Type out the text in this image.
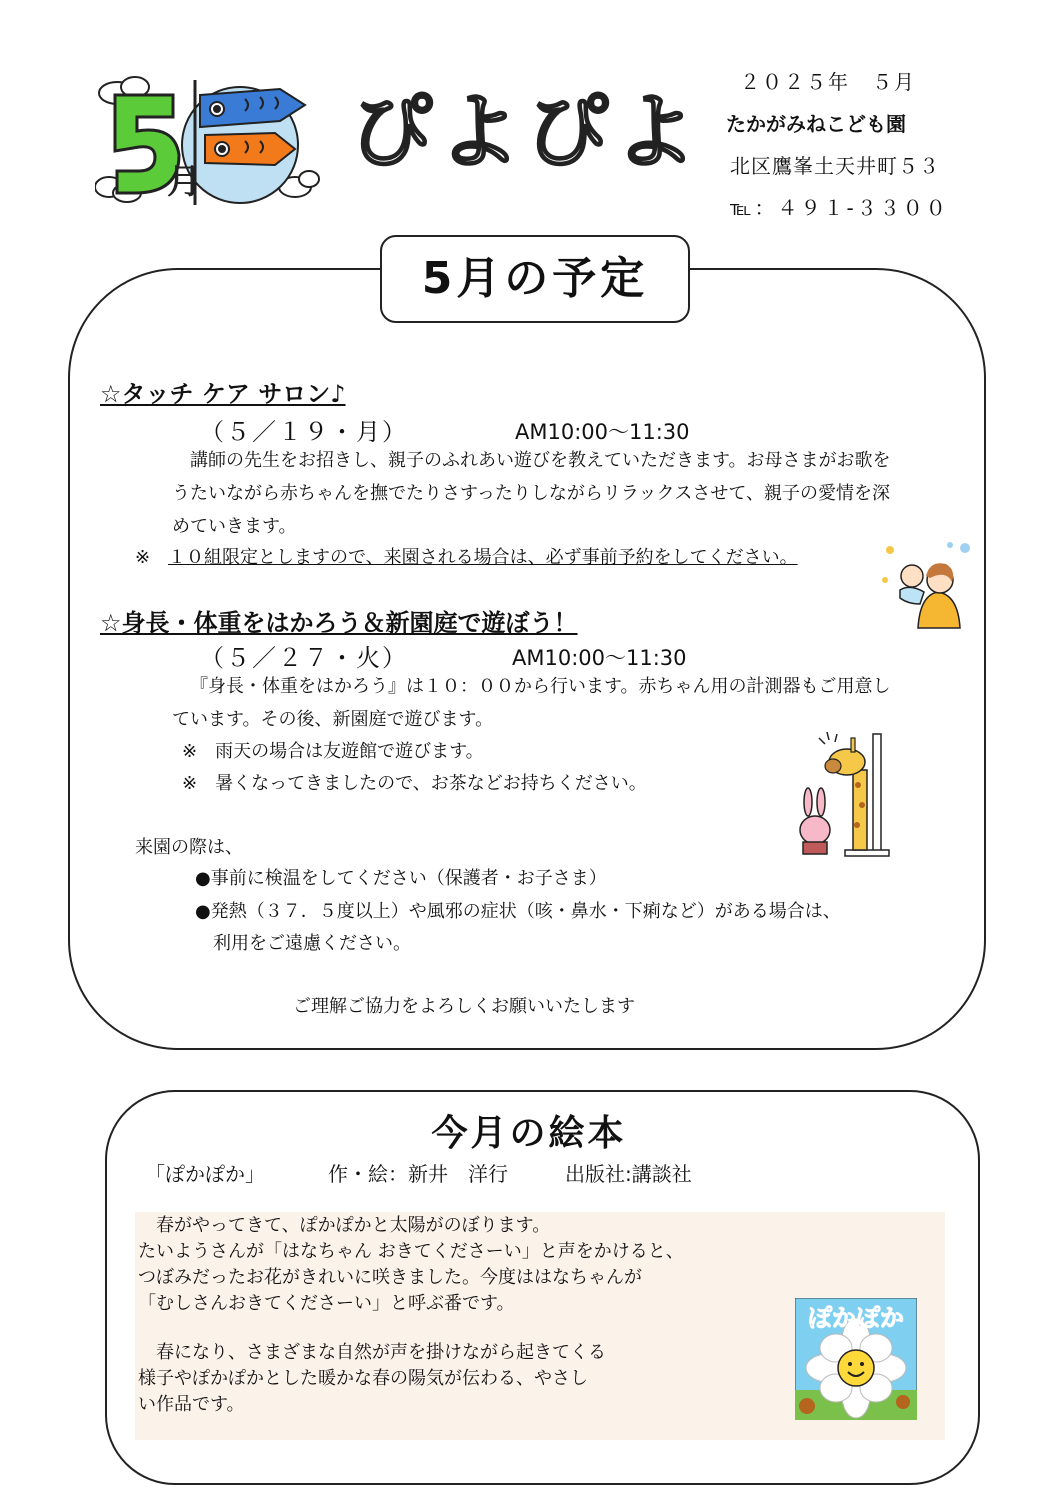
月
ぴよぴよ
２０２５年　５月
たかがみねこども園
北区鷹峯土天井町５３
℡：４９１-３３００
5月の予定
☆タッチ ケア サロン♪
（５／１９・月）	AM10:00～11:30
講師の先生をお招きし、親子のふれあい遊びを教えていただきます。お母さまがお歌を
うたいながら赤ちゃんを撫でたりさすったりしながらリラックスさせて、親子の愛情を深
めていきます。
※ １０組限定としますので、来園される場合は、必ず事前予約をしてください。
☆身長・体重をはかろう＆新園庭で遊ぼう！
（５／２７・火）	AM10:00～11:30
『身長・体重をはかろう』は１０：００から行います。赤ちゃん用の計測器もご用意し
ています。その後、新園庭で遊びます。
※　雨天の場合は友遊館で遊びます。
※　暑くなってきましたので、お茶などお持ちください。
来園の際は、
●事前に検温をしてください（保護者・お子さま）
●発熱（３７．５度以上）や風邪の症状（咳・鼻水・下痢など）がある場合は、
利用をご遠慮ください。
ご理解ご協力をよろしくお願いいたします
今月の絵本
「ぽかぽか」	作・絵：新井　洋行	出版社:講談社
　春がやってきて、ぽかぽかと太陽がのぼります。
たいようさんが「はなちゃん おきてくださーい」と声をかけると、
つぼみだったお花がきれいに咲きました。今度ははなちゃんが
「むしさんおきてくださーい」と呼ぶ番です。
　春になり、さまざまな自然が声を掛けながら起きてくる
様子やぽかぽかとした暖かな春の陽気が伝わる、やさし
い作品です。
ぽかぽか
